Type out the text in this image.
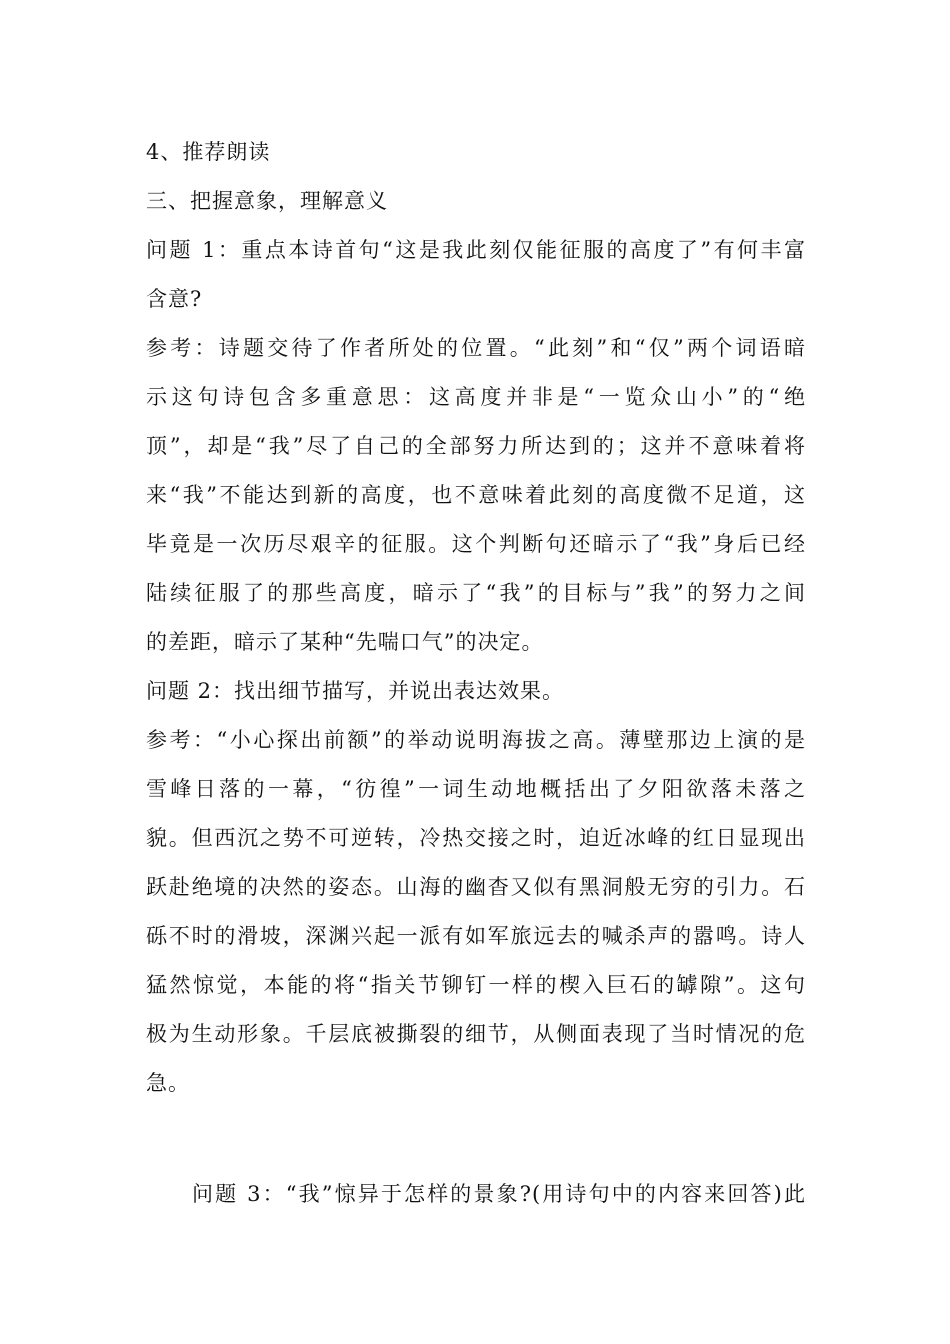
4、推荐朗读
三、把握意象，理解意义
问题 1：重点本诗首句“这是我此刻仅能征服的高度了”有何丰富
含意?
参考：诗题交待了作者所处的位置。“此刻”和“仅”两个词语暗
示这句诗包含多重意思：这高度并非是“一览众山小”的“绝
顶”，却是“我”尽了自己的全部努力所达到的；这并不意味着将
来“我”不能达到新的高度，也不意味着此刻的高度微不足道，这
毕竟是一次历尽艰辛的征服。这个判断句还暗示了“我”身后已经
陆续征服了的那些高度，暗示了“我”的目标与”我”的努力之间
的差距，暗示了某种“先喘口气”的决定。
问题 2：找出细节描写，并说出表达效果。
参考：“小心探出前额”的举动说明海拔之高。薄壁那边上演的是
雪峰日落的一幕，“彷徨”一词生动地概括出了夕阳欲落未落之
貌。但西沉之势不可逆转，冷热交接之时，迫近冰峰的红日显现出
跃赴绝境的决然的姿态。山海的幽杳又似有黑洞般无穷的引力。石
砾不时的滑坡，深渊兴起一派有如军旅远去的喊杀声的嚣鸣。诗人
猛然惊觉，本能的将“指关节铆钉一样的楔入巨石的罅隙”。这句
极为生动形象。千层底被撕裂的细节，从侧面表现了当时情况的危
急。
问题 3：“我”惊异于怎样的景象?(用诗句中的内容来回答)此
